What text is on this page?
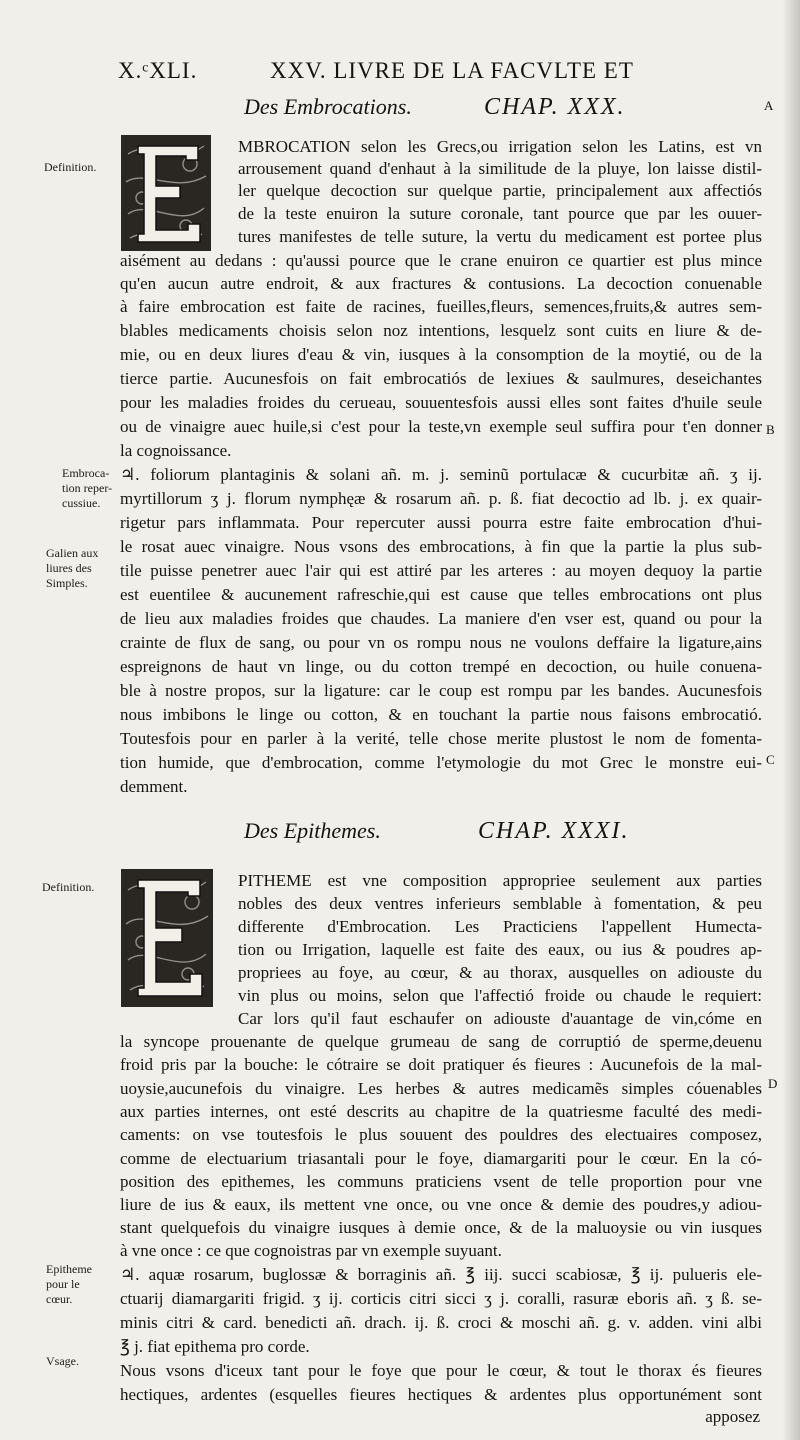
X.ᶜXLI.	XXV. LIVRE DE LA FACVLTE ET
Des Embrocations.	CHAP. XXX.	A
MBROCATION selon les Grecs,ou irrigation selon les Latins, est vn
arrousement quand d'enhaut à la similitude de la pluye, lon laisse distil-
ler quelque decoction sur quelque partie, principalement aux affectiós
de la teste enuiron la suture coronale, tant pource que par les ouuer-
tures manifestes de telle suture, la vertu du medicament est portee plus
aisément au dedans : qu'aussi pource que le crane enuiron ce quartier est plus mince
qu'en aucun autre endroit, & aux fractures & contusions. La decoction conuenable
à faire embrocation est faite de racines, fueilles,fleurs, semences,fruits,& autres sem-
blables medicaments choisis selon noz intentions, lesquelz sont cuits en liure & de-
mie, ou en deux liures d'eau & vin, iusques à la consomption de la moytié, ou de la
tierce partie. Aucunesfois on fait embrocatiós de lexiues & saulmures, deseichantes
pour les maladies froides du cerueau, souuentesfois aussi elles sont faites d'huile seule
ou de vinaigre auec huile,si c'est pour la teste,vn exemple seul suffira pour t'en donner
la cognoissance.
♃. foliorum plantaginis & solani añ. m. j. seminũ portulacæ & cucurbitæ añ. ʒ ij.
myrtillorum ʒ j. florum nymphęæ & rosarum añ. p. ß. fiat decoctio ad lb. j. ex quair-
rigetur pars inflammata. Pour repercuter aussi pourra estre faite embrocation d'hui-
le rosat auec vinaigre. Nous vsons des embrocations, à fin que la partie la plus sub-
tile puisse penetrer auec l'air qui est attiré par les arteres : au moyen dequoy la partie
est euentilee & aucunement rafreschie,qui est cause que telles embrocations ont plus
de lieu aux maladies froides que chaudes. La maniere d'en vser est, quand ou pour la
crainte de flux de sang, ou pour vn os rompu nous ne voulons deffaire la ligature,ains
espreignons de haut vn linge, ou du cotton trempé en decoction, ou huile conuena-
ble à nostre propos, sur la ligature: car le coup est rompu par les bandes. Aucunesfois
nous imbibons le linge ou cotton, & en touchant la partie nous faisons embrocatió.
Toutesfois pour en parler à la verité, telle chose merite plustost le nom de fomenta-
tion humide, que d'embrocation, comme l'etymologie du mot Grec le monstre eui-
demment.
B
C
Definition.
Embroca-
tion reper-
cussiue.
Galien aux
liures des
Simples.
Des Epithemes.	CHAP. XXXI.
PITHEME est vne composition appropriee seulement aux parties
nobles des deux ventres inferieurs semblable à fomentation, & peu
differente d'Embrocation. Les Practiciens l'appellent Humecta-
tion ou Irrigation, laquelle est faite des eaux, ou ius & poudres ap-
propriees au foye, au cœur, & au thorax, ausquelles on adiouste du
vin plus ou moins, selon que l'affectió froide ou chaude le requiert:
Car lors qu'il faut eschaufer on adiouste d'auantage de vin,cóme en
la syncope prouenante de quelque grumeau de sang de corruptió de sperme,deuenu
froid pris par la bouche: le cótraire se doit pratiquer és fieures : Aucunefois de la mal-
uoysie,aucunefois du vinaigre. Les herbes & autres medicamẽs simples cóuenables
aux parties internes, ont esté descrits au chapitre de la quatriesme faculté des medi-
caments: on vse toutesfois le plus souuent des pouldres des electuaires composez,
comme de electuarium triasantali pour le foye, diamargariti pour le cœur. En la có-
position des epithemes, les communs praticiens vsent de telle proportion pour vne
liure de ius & eaux, ils mettent vne once, ou vne once & demie des poudres,y adiou-
stant quelquefois du vinaigre iusques à demie once, & de la maluoysie ou vin iusques
à vne once : ce que cognoistras par vn exemple suyuant.
♃. aquæ rosarum, buglossæ & borraginis añ. ℥ iij. succi scabiosæ, ℥ ij. pulueris ele-
ctuarij diamargariti frigid. ʒ ij. corticis citri sicci ʒ j. coralli, rasuræ eboris añ. ʒ ß. se-
minis citri & card. benedicti añ. drach. ij. ß. croci & moschi añ. g. v. adden. vini albi
℥ j. fiat epithema pro corde.
Nous vsons d'iceux tant pour le foye que pour le cœur, & tout le thorax és fieures
hectiques, ardentes (esquelles fieures hectiques & ardentes plus opportunément sont
apposez
D
Definition.
Epitheme
pour le
cœur.
Vsage.
